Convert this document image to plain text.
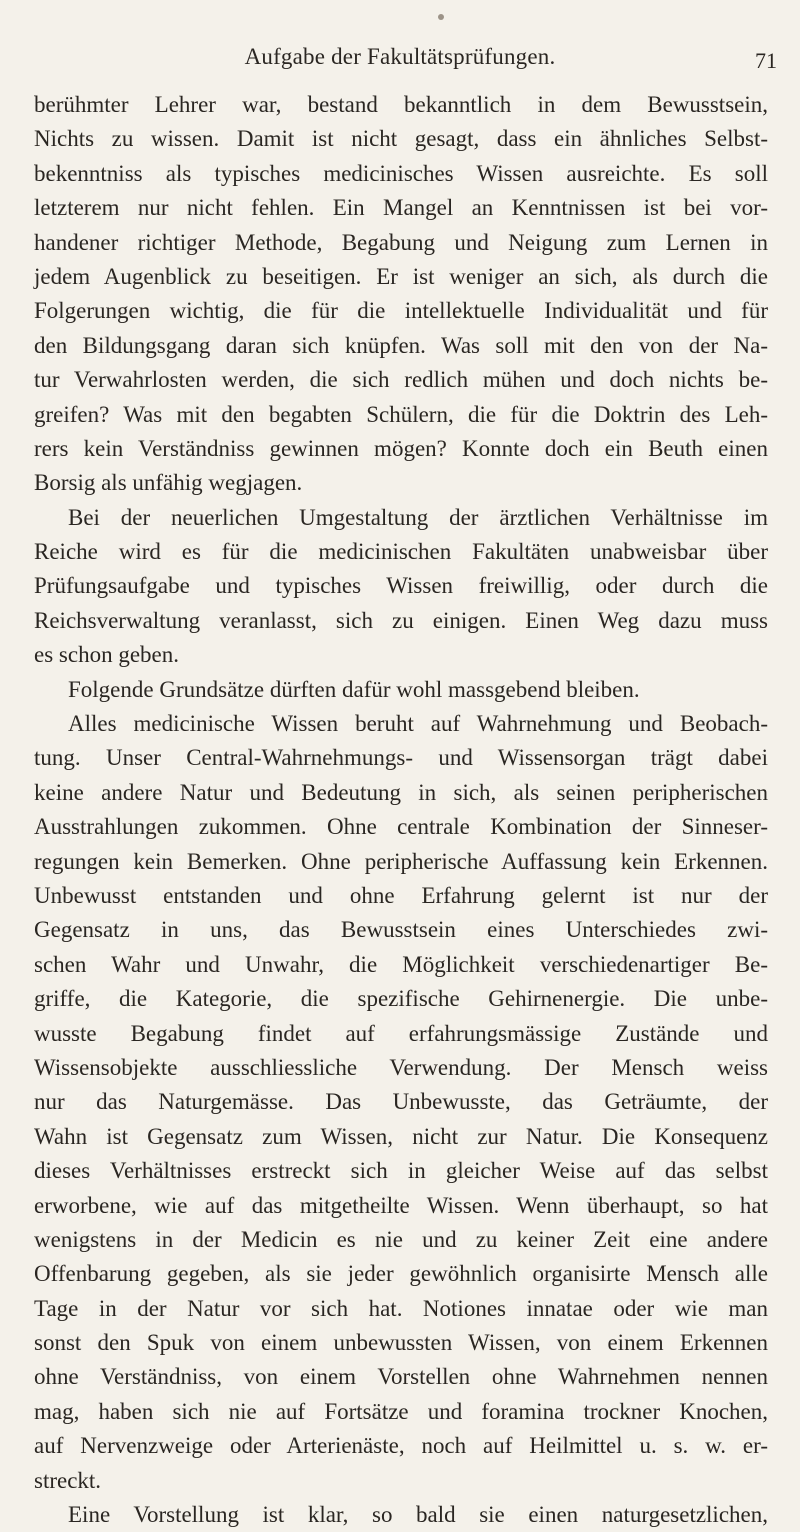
Aufgabe der Fakultätsprüfungen.	71
berühmter Lehrer war, bestand bekanntlich in dem Bewusstsein,
Nichts zu wissen. Damit ist nicht gesagt, dass ein ähnliches Selbst-
bekenntniss als typisches medicinisches Wissen ausreichte. Es soll
letzterem nur nicht fehlen. Ein Mangel an Kenntnissen ist bei vor-
handener richtiger Methode, Begabung und Neigung zum Lernen in
jedem Augenblick zu beseitigen. Er ist weniger an sich, als durch die
Folgerungen wichtig, die für die intellektuelle Individualität und für
den Bildungsgang daran sich knüpfen. Was soll mit den von der Na-
tur Verwahrlosten werden, die sich redlich mühen und doch nichts be-
greifen? Was mit den begabten Schülern, die für die Doktrin des Leh-
rers kein Verständniss gewinnen mögen? Konnte doch ein Beuth einen
Borsig als unfähig wegjagen.
Bei der neuerlichen Umgestaltung der ärztlichen Verhältnisse im
Reiche wird es für die medicinischen Fakultäten unabweisbar über
Prüfungsaufgabe und typisches Wissen freiwillig, oder durch die
Reichsverwaltung veranlasst, sich zu einigen. Einen Weg dazu muss
es schon geben.
Folgende Grundsätze dürften dafür wohl massgebend bleiben.
Alles medicinische Wissen beruht auf Wahrnehmung und Beobach-
tung. Unser Central-Wahrnehmungs- und Wissensorgan trägt dabei
keine andere Natur und Bedeutung in sich, als seinen peripherischen
Ausstrahlungen zukommen. Ohne centrale Kombination der Sinneser-
regungen kein Bemerken. Ohne peripherische Auffassung kein Erkennen.
Unbewusst entstanden und ohne Erfahrung gelernt ist nur der
Gegensatz in uns, das Bewusstsein eines Unterschiedes zwi-
schen Wahr und Unwahr, die Möglichkeit verschiedenartiger Be-
griffe, die Kategorie, die spezifische Gehirnenergie. Die unbe-
wusste Begabung findet auf erfahrungsmässige Zustände und
Wissensobjekte ausschliessliche Verwendung. Der Mensch weiss
nur das Naturgemässe. Das Unbewusste, das Geträumte, der
Wahn ist Gegensatz zum Wissen, nicht zur Natur. Die Konsequenz
dieses Verhältnisses erstreckt sich in gleicher Weise auf das selbst
erworbene, wie auf das mitgetheilte Wissen. Wenn überhaupt, so hat
wenigstens in der Medicin es nie und zu keiner Zeit eine andere
Offenbarung gegeben, als sie jeder gewöhnlich organisirte Mensch alle
Tage in der Natur vor sich hat. Notiones innatae oder wie man
sonst den Spuk von einem unbewussten Wissen, von einem Erkennen
ohne Verständniss, von einem Vorstellen ohne Wahrnehmen nennen
mag, haben sich nie auf Fortsätze und foramina trockner Knochen,
auf Nervenzweige oder Arterienäste, noch auf Heilmittel u. s. w. er-
streckt.
Eine Vorstellung ist klar, so bald sie einen naturgesetzlichen,
